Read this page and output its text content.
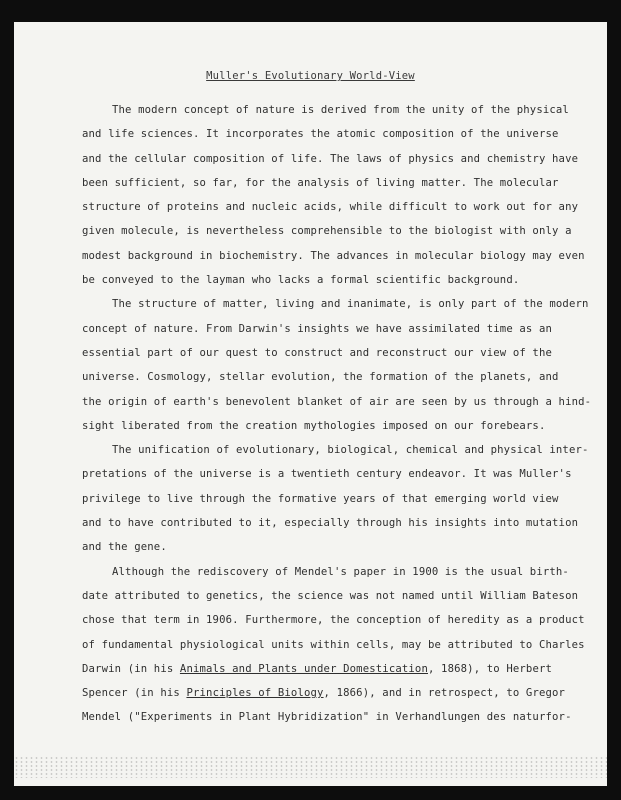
Muller's Evolutionary World-View
The modern concept of nature is derived from the unity of the physical
and life sciences. It incorporates the atomic composition of the universe
and the cellular composition of life. The laws of physics and chemistry have
been sufficient, so far, for the analysis of living matter. The molecular
structure of proteins and nucleic acids, while difficult to work out for any
given molecule, is nevertheless comprehensible to the biologist with only a
modest background in biochemistry. The advances in molecular biology may even
be conveyed to the layman who lacks a formal scientific background.
The structure of matter, living and inanimate, is only part of the modern
concept of nature. From Darwin's insights we have assimilated time as an
essential part of our quest to construct and reconstruct our view of the
universe. Cosmology, stellar evolution, the formation of the planets, and
the origin of earth's benevolent blanket of air are seen by us through a hind-
sight liberated from the creation mythologies imposed on our forebears.
The unification of evolutionary, biological, chemical and physical inter-
pretations of the universe is a twentieth century endeavor. It was Muller's
privilege to live through the formative years of that emerging world view
and to have contributed to it, especially through his insights into mutation
and the gene.
Although the rediscovery of Mendel's paper in 1900 is the usual birth-
date attributed to genetics, the science was not named until William Bateson
chose that term in 1906. Furthermore, the conception of heredity as a product
of fundamental physiological units within cells, may be attributed to Charles
Darwin (in his Animals and Plants under Domestication, 1868), to Herbert
Spencer (in his Principles of Biology, 1866), and in retrospect, to Gregor
Mendel ("Experiments in Plant Hybridization" in Verhandlungen des naturfor-
